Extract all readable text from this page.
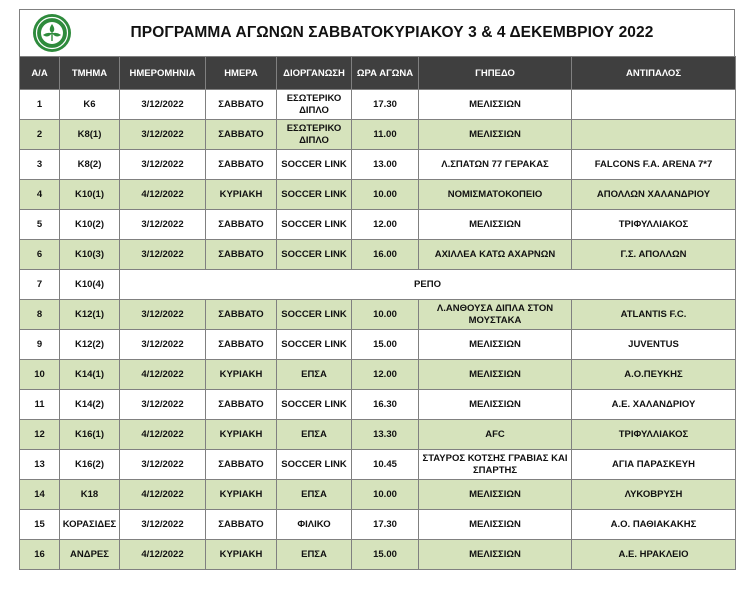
ΠΡΟΓΡΑΜΜΑ ΑΓΩΝΩΝ ΣΑΒΒΑΤΟΚΥΡΙΑΚΟΥ 3 & 4 ΔΕΚΕΜΒΡΙΟΥ 2022
Α/Α	ΤΜΗΜΑ	ΗΜΕΡΟΜΗΝΙΑ	ΗΜΕΡΑ	ΔΙΟΡΓΑΝΩΣΗ	ΩΡΑ ΑΓΩΝΑ	ΓΗΠΕΔΟ	ΑΝΤΙΠΑΛΟΣ
1	Κ6	3/12/2022	ΣΑΒΒΑΤΟ	ΕΣΩΤΕΡΙΚΟ ΔΙΠΛΟ	17.30	ΜΕΛΙΣΣΙΩΝ	
2	Κ8(1)	3/12/2022	ΣΑΒΒΑΤΟ	ΕΣΩΤΕΡΙΚΟ ΔΙΠΛΟ	11.00	ΜΕΛΙΣΣΙΩΝ	
3	Κ8(2)	3/12/2022	ΣΑΒΒΑΤΟ	SOCCER LINK	13.00	Λ.ΣΠΑΤΩΝ 77 ΓΕΡΑΚΑΣ	FALCONS F.A. ARENA 7*7
4	Κ10(1)	4/12/2022	ΚΥΡΙΑΚΗ	SOCCER LINK	10.00	ΝΟΜΙΣΜΑΤΟΚΟΠΕΙΟ	ΑΠΟΛΛΩΝ ΧΑΛΑΝΔΡΙΟΥ
5	Κ10(2)	3/12/2022	ΣΑΒΒΑΤΟ	SOCCER LINK	12.00	ΜΕΛΙΣΣΙΩΝ	ΤΡΙΦΥΛΛΙΑΚΟΣ
6	Κ10(3)	3/12/2022	ΣΑΒΒΑΤΟ	SOCCER LINK	16.00	ΑΧΙΛΛΕΑ ΚΑΤΩ ΑΧΑΡΝΩΝ	Γ.Σ. ΑΠΟΛΛΩΝ
7	Κ10(4)	ΡΕΠΟ					
8	Κ12(1)	3/12/2022	ΣΑΒΒΑΤΟ	SOCCER LINK	10.00	Λ.ΑΝΘΟΥΣΑ ΔΙΠΛΑ ΣΤΟΝ ΜΟΥΣΤΑΚΑ	ATLANTIS F.C.
9	Κ12(2)	3/12/2022	ΣΑΒΒΑΤΟ	SOCCER LINK	15.00	ΜΕΛΙΣΣΙΩΝ	JUVENTUS
10	Κ14(1)	4/12/2022	ΚΥΡΙΑΚΗ	ΕΠΣΑ	12.00	ΜΕΛΙΣΣΙΩΝ	Α.Ο.ΠΕΥΚΗΣ
11	Κ14(2)	3/12/2022	ΣΑΒΒΑΤΟ	SOCCER LINK	16.30	ΜΕΛΙΣΣΙΩΝ	Α.Ε. ΧΑΛΑΝΔΡΙΟΥ
12	Κ16(1)	4/12/2022	ΚΥΡΙΑΚΗ	ΕΠΣΑ	13.30	AFC	ΤΡΙΦΥΛΛΙΑΚΟΣ
13	Κ16(2)	3/12/2022	ΣΑΒΒΑΤΟ	SOCCER LINK	10.45	ΣΤΑΥΡΟΣ ΚΟΤΣΗΣ ΓΡΑΒΙΑΣ ΚΑΙ ΣΠΑΡΤΗΣ	ΑΓΙΑ ΠΑΡΑΣΚΕΥΗ
14	Κ18	4/12/2022	ΚΥΡΙΑΚΗ	ΕΠΣΑ	10.00	ΜΕΛΙΣΣΙΩΝ	ΛΥΚΟΒΡΥΣΗ
15	ΚΟΡΑΣΙΔΕΣ	3/12/2022	ΣΑΒΒΑΤΟ	ΦΙΛΙΚΟ	17.30	ΜΕΛΙΣΣΙΩΝ	Α.Ο. ΠΑΘΙΑΚΑΚΗΣ
16	ΑΝΔΡΕΣ	4/12/2022	ΚΥΡΙΑΚΗ	ΕΠΣΑ	15.00	ΜΕΛΙΣΣΙΩΝ	Α.Ε. ΗΡΑΚΛΕΙΟ
